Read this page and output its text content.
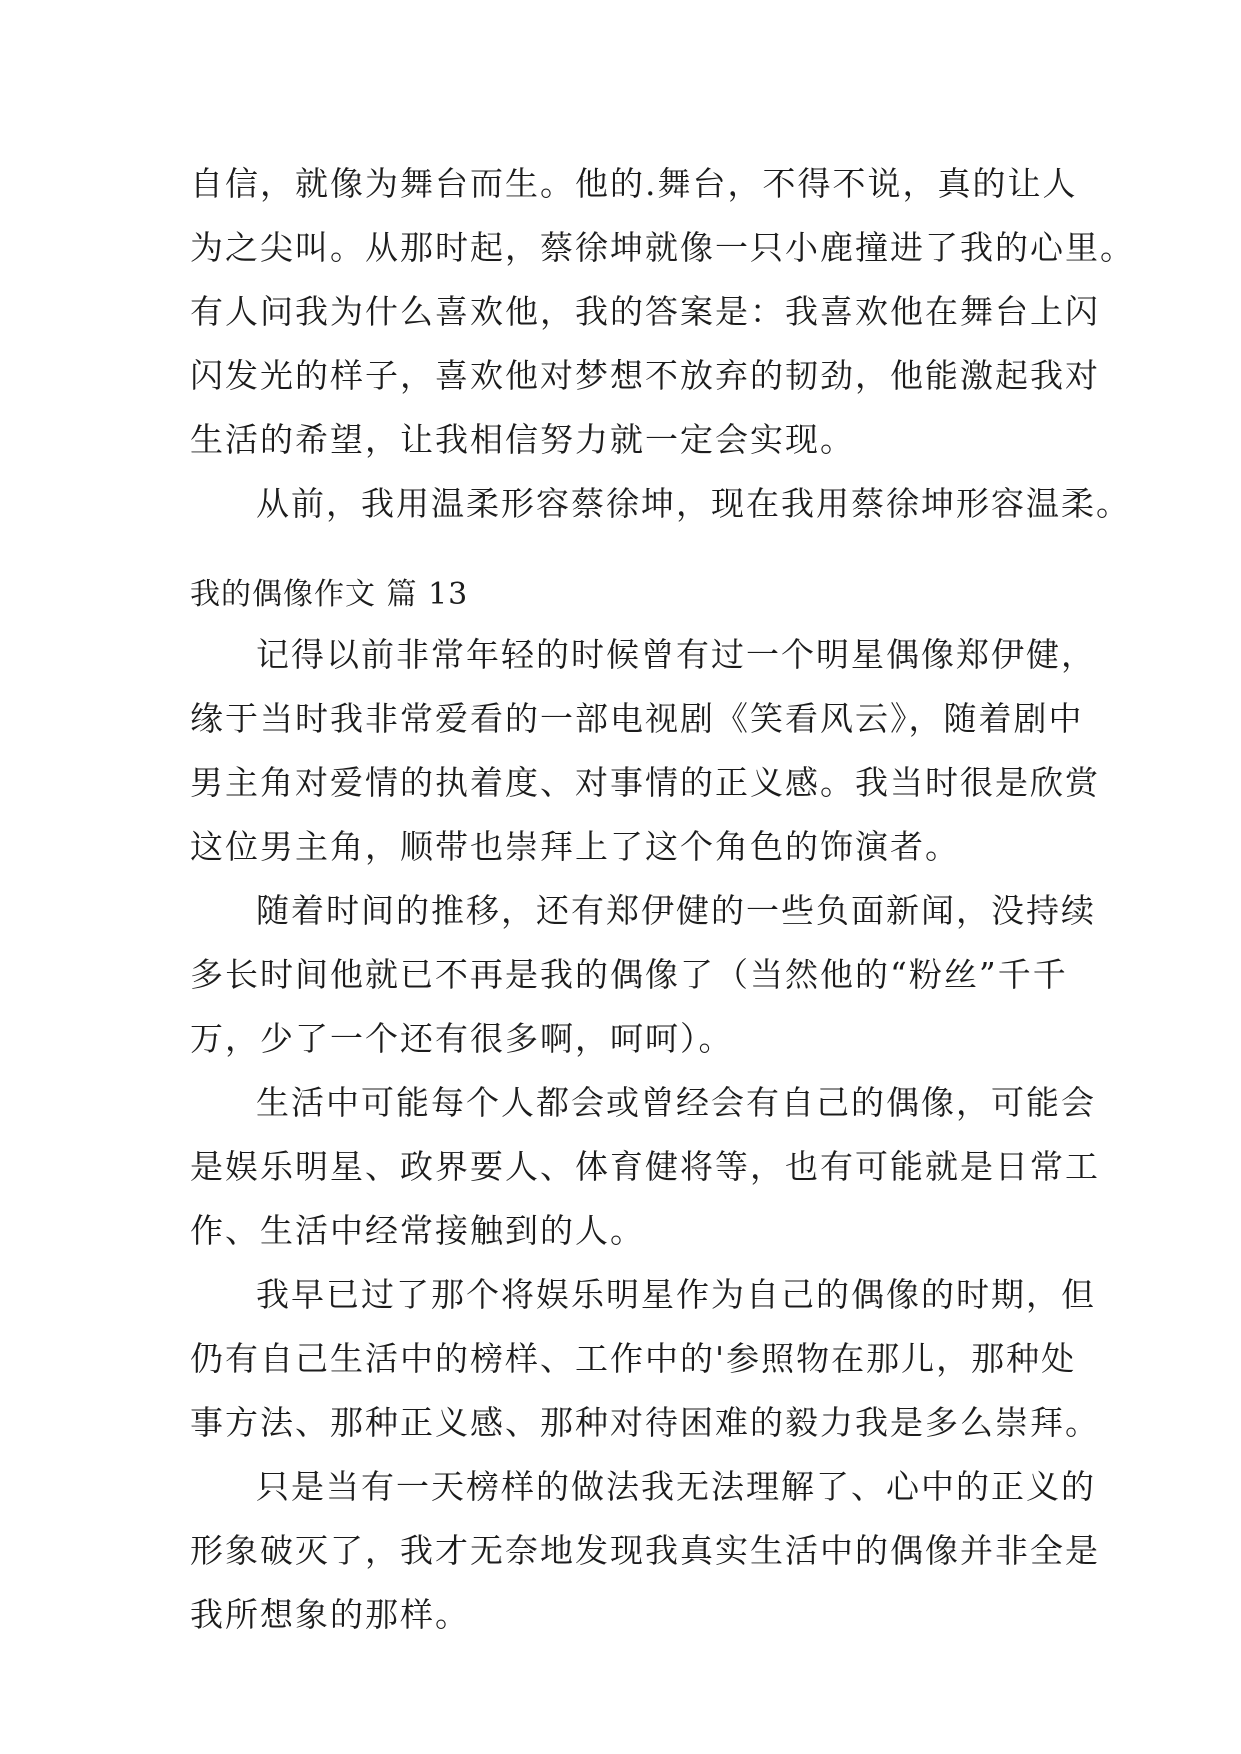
自信，就像为舞台而生。他的.舞台，不得不说，真的让人
为之尖叫。从那时起，蔡徐坤就像一只小鹿撞进了我的心里。
有人问我为什么喜欢他，我的答案是：我喜欢他在舞台上闪
闪发光的样子，喜欢他对梦想不放弃的韧劲，他能激起我对
生活的希望，让我相信努力就一定会实现。
从前，我用温柔形容蔡徐坤，现在我用蔡徐坤形容温柔。
我的偶像作文 篇 13
记得以前非常年轻的时候曾有过一个明星偶像郑伊健，
缘于当时我非常爱看的一部电视剧《笑看风云》，随着剧中
男主角对爱情的执着度、对事情的正义感。我当时很是欣赏
这位男主角，顺带也崇拜上了这个角色的饰演者。
随着时间的推移，还有郑伊健的一些负面新闻，没持续
多长时间他就已不再是我的偶像了（当然他的“粉丝”千千
万，少了一个还有很多啊，呵呵）。
生活中可能每个人都会或曾经会有自己的偶像，可能会
是娱乐明星、政界要人、体育健将等，也有可能就是日常工
作、生活中经常接触到的人。
我早已过了那个将娱乐明星作为自己的偶像的时期，但
仍有自己生活中的榜样、工作中的'参照物在那儿，那种处
事方法、那种正义感、那种对待困难的毅力我是多么崇拜。
只是当有一天榜样的做法我无法理解了、心中的正义的
形象破灭了，我才无奈地发现我真实生活中的偶像并非全是
我所想象的那样。
